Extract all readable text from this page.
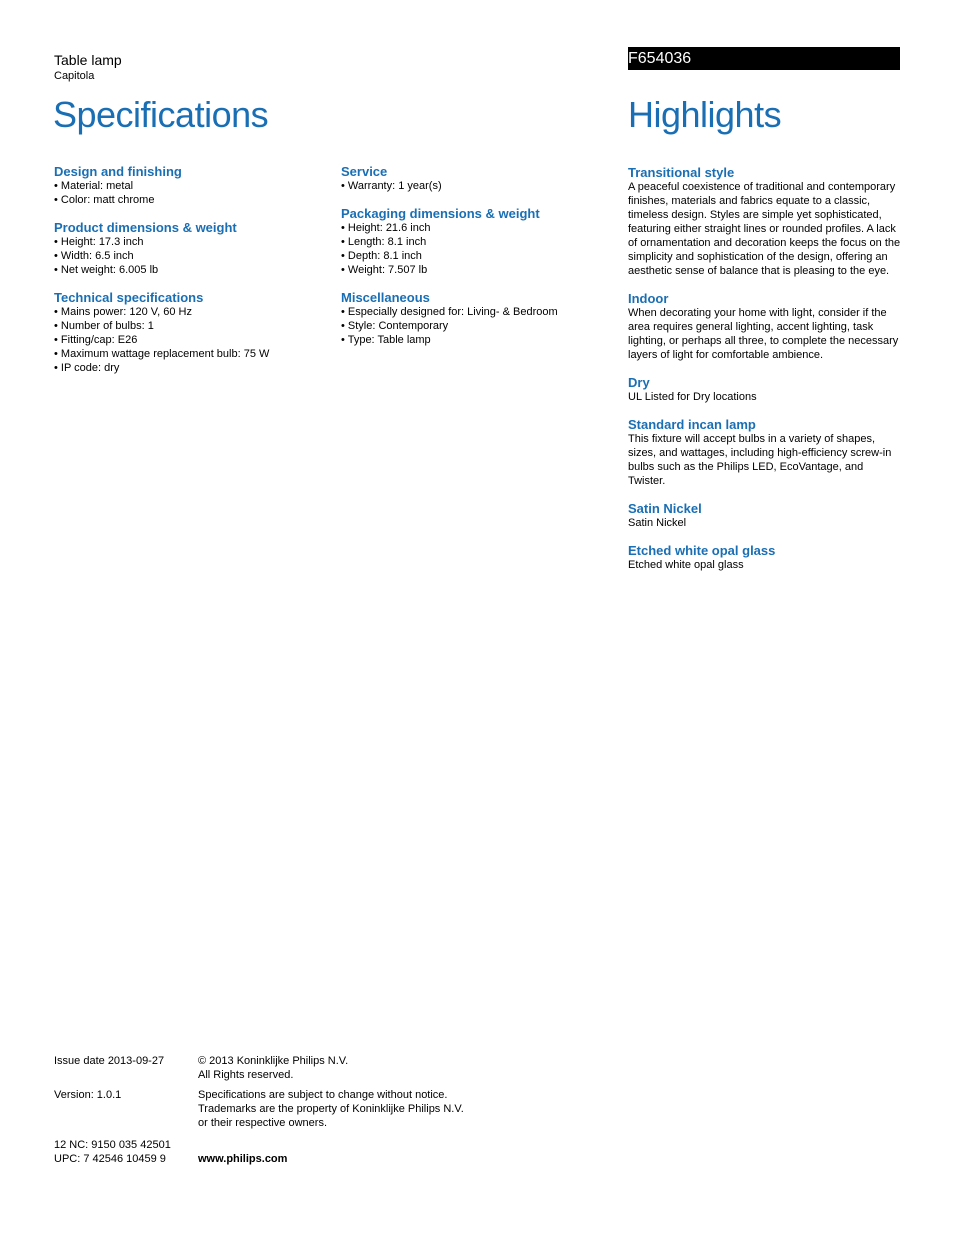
Table lamp
Capitola
Specifications
F654036
Highlights
Design and finishing
• Material: metal
• Color: matt chrome
Product dimensions & weight
• Height: 17.3 inch
• Width: 6.5 inch
• Net weight: 6.005 lb
Technical specifications
• Mains power: 120 V, 60 Hz
• Number of bulbs: 1
• Fitting/cap: E26
• Maximum wattage replacement bulb: 75 W
• IP code: dry
Service
• Warranty: 1 year(s)
Packaging dimensions & weight
• Height: 21.6 inch
• Length: 8.1 inch
• Depth: 8.1 inch
• Weight: 7.507 lb
Miscellaneous
• Especially designed for: Living- & Bedroom
• Style: Contemporary
• Type: Table lamp
Transitional style

A peaceful coexistence of traditional and contemporary finishes, materials and fabrics equate to a classic, timeless design. Styles are simple yet sophisticated, featuring either straight lines or rounded profiles. A lack of ornamentation and decoration keeps the focus on the simplicity and sophistication of the design, offering an aesthetic sense of balance that is pleasing to the eye.

Indoor

When decorating your home with light, consider if the area requires general lighting, accent lighting, task lighting, or perhaps all three, to complete the necessary layers of light for comfortable ambience.

Dry

UL Listed for Dry locations

Standard incan lamp

This fixture will accept bulbs in a variety of shapes, sizes, and wattages, including high-efficiency screw-in bulbs such as the Philips LED, EcoVantage, and Twister.

Satin Nickel

Satin Nickel

Etched white opal glass

Etched white opal glass

Issue date 2013-09-27	© 2013 Koninklijke Philips N.V.
All Rights reserved.
Version: 1.0.1	Specifications are subject to change without notice.
Trademarks are the property of Koninklijke Philips N.V.
or their respective owners.
12 NC: 9150 035 42501
UPC: 7 42546 10459 9	www.philips.com
